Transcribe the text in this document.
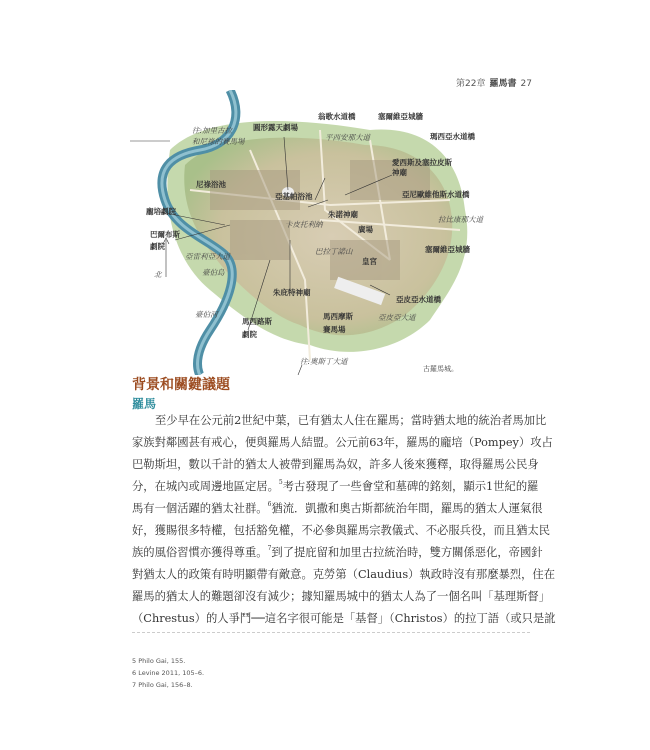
第22章 羅馬書 27
圓形露天劇場
往:加里古拉
和尼祿的賽馬場
翁歌水道橋	塞爾維亞城牆
平西安那大道	瑪西亞水道橋
愛西斯及塞拉皮斯
神廟
尼祿浴池
亞基帕浴池	亞尼歐維他斯水道橋
龐培劇院	朱諾神廟
拉比康那大道
卡皮托利納
廣場
巴爾布斯
劇院
巴拉丁諾山	塞爾維亞城牆
亞雷利亞大道
皇宮
臺伯島
北
朱庇特神廟
亞皮亞水道橋
臺伯河
馬西路斯
劇院
馬西摩斯
賽馬場
亞皮亞大道
往:奧斯丁大道
古羅馬城。
背景和關鍵議題
羅馬
至少早在公元前2世紀中葉，已有猶太人住在羅馬；當時猶太地的統治者馬加比
家族對鄰國甚有戒心，便與羅馬人結盟。公元前63年，羅馬的龐培（Pompey）攻占
巴勒斯坦，數以千計的猶太人被帶到羅馬為奴，許多人後來獲釋，取得羅馬公民身
分，在城內或周邊地區定居。$^5$考古發現了一些會堂和墓碑的銘刻，顯示1世紀的羅
馬有一個活躍的猶太社群。$^6$猶流．凱撒和奧古斯都統治年間，羅馬的猶太人運氣很
好，獲賜很多特權，包括豁免權，不必參與羅馬宗教儀式、不必服兵役，而且猶太民
族的風俗習慣亦獲得尊重。$^7$到了提庇留和加里古拉統治時，雙方關係惡化，帝國針
對猶太人的政策有時明顯帶有敵意。克勞第（Claudius）執政時沒有那麼暴烈，住在
羅馬的猶太人的難題卻沒有減少；據知羅馬城中的猶太人為了一個名叫「基理斯督」
（Chrestus）的人爭鬥──這名字很可能是「基督」（Christos）的拉丁語（或只是訛
5 Philo Gai, 155.
6 Levine 2011, 105–6.
7 Philo Gai, 156–8.
